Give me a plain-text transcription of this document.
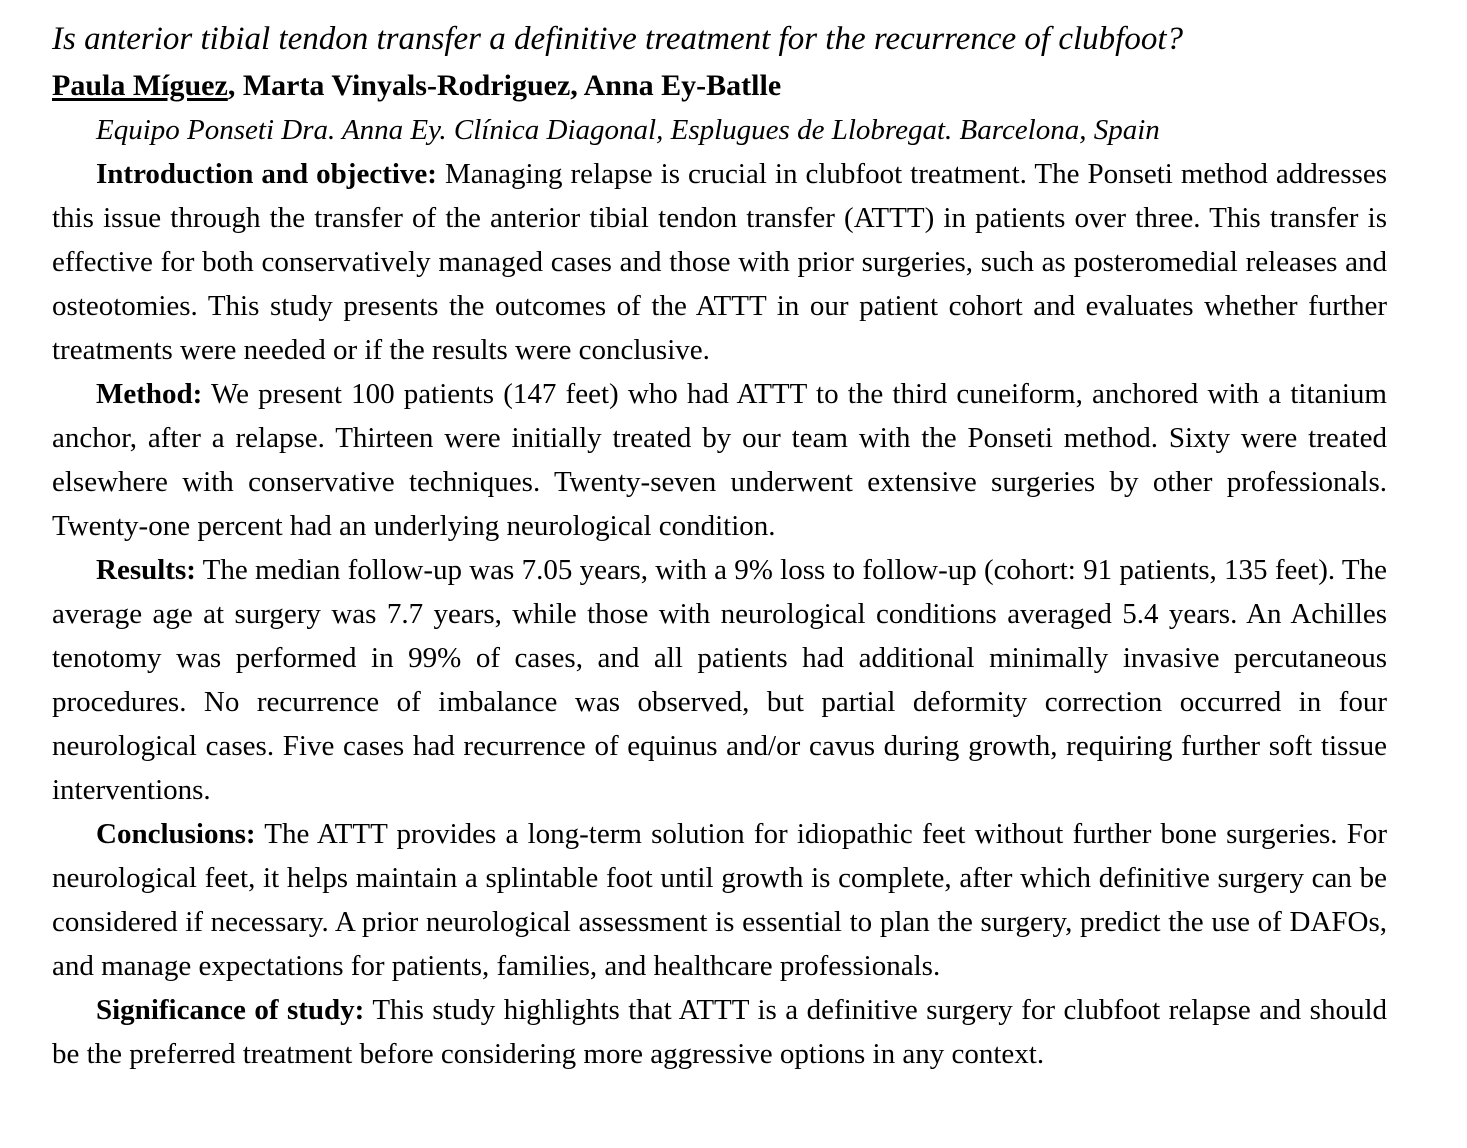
Is anterior tibial tendon transfer a definitive treatment for the recurrence of clubfoot?

Paula Míguez, Marta Vinyals-Rodriguez, Anna Ey-Batlle

Equipo Ponseti Dra. Anna Ey. Clínica Diagonal, Esplugues de Llobregat. Barcelona, Spain

Introduction and objective: Managing relapse is crucial in clubfoot treatment. The Ponseti method addresses this issue through the transfer of the anterior tibial tendon transfer (ATTT) in patients over three. This transfer is effective for both conservatively managed cases and those with prior surgeries, such as posteromedial releases and osteotomies. This study presents the outcomes of the ATTT in our patient cohort and evaluates whether further treatments were needed or if the results were conclusive.

Method: We present 100 patients (147 feet) who had ATTT to the third cuneiform, anchored with a titanium anchor, after a relapse. Thirteen were initially treated by our team with the Ponseti method. Sixty were treated elsewhere with conservative techniques. Twenty-seven underwent extensive surgeries by other professionals. Twenty-one percent had an underlying neurological condition.

Results: The median follow-up was 7.05 years, with a 9% loss to follow-up (cohort: 91 patients, 135 feet). The average age at surgery was 7.7 years, while those with neurological conditions averaged 5.4 years. An Achilles tenotomy was performed in 99% of cases, and all patients had additional minimally invasive percutaneous procedures. No recurrence of imbalance was observed, but partial deformity correction occurred in four neurological cases. Five cases had recurrence of equinus and/or cavus during growth, requiring further soft tissue interventions.

Conclusions: The ATTT provides a long-term solution for idiopathic feet without further bone surgeries. For neurological feet, it helps maintain a splintable foot until growth is complete, after which definitive surgery can be considered if necessary. A prior neurological assessment is essential to plan the surgery, predict the use of DAFOs, and manage expectations for patients, families, and healthcare professionals.

Significance of study: This study highlights that ATTT is a definitive surgery for clubfoot relapse and should be the preferred treatment before considering more aggressive options in any context.
